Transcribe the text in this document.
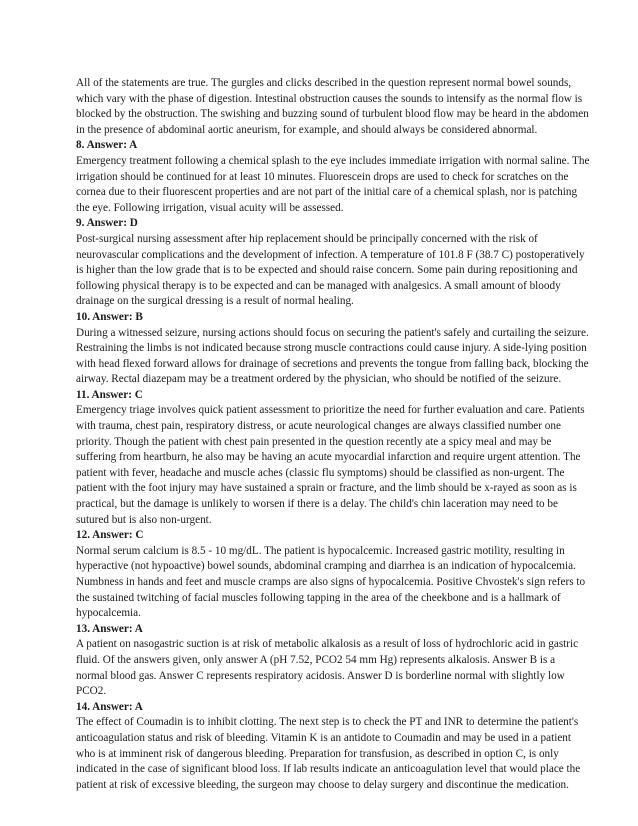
All of the statements are true. The gurgles and clicks described in the question represent normal bowel sounds,
which vary with the phase of digestion. Intestinal obstruction causes the sounds to intensify as the normal flow is
blocked by the obstruction. The swishing and buzzing sound of turbulent blood flow may be heard in the abdomen
in the presence of abdominal aortic aneurism, for example, and should always be considered abnormal.
8. Answer: A
Emergency treatment following a chemical splash to the eye includes immediate irrigation with normal saline. The
irrigation should be continued for at least 10 minutes. Fluorescein drops are used to check for scratches on the
cornea due to their fluorescent properties and are not part of the initial care of a chemical splash, nor is patching
the eye. Following irrigation, visual acuity will be assessed.
9. Answer: D
Post-surgical nursing assessment after hip replacement should be principally concerned with the risk of
neurovascular complications and the development of infection. A temperature of 101.8 F (38.7 C) postoperatively
is higher than the low grade that is to be expected and should raise concern. Some pain during repositioning and
following physical therapy is to be expected and can be managed with analgesics. A small amount of bloody
drainage on the surgical dressing is a result of normal healing.
10. Answer: B
During a witnessed seizure, nursing actions should focus on securing the patient's safely and curtailing the seizure.
Restraining the limbs is not indicated because strong muscle contractions could cause injury. A side-lying position
with head flexed forward allows for drainage of secretions and prevents the tongue from falling back, blocking the
airway. Rectal diazepam may be a treatment ordered by the physician, who should be notified of the seizure.
11. Answer: C
Emergency triage involves quick patient assessment to prioritize the need for further evaluation and care. Patients
with trauma, chest pain, respiratory distress, or acute neurological changes are always classified number one
priority. Though the patient with chest pain presented in the question recently ate a spicy meal and may be
suffering from heartburn, he also may be having an acute myocardial infarction and require urgent attention. The
patient with fever, headache and muscle aches (classic flu symptoms) should be classified as non-urgent. The
patient with the foot injury may have sustained a sprain or fracture, and the limb should be x-rayed as soon as is
practical, but the damage is unlikely to worsen if there is a delay. The child's chin laceration may need to be
sutured but is also non-urgent.
12. Answer: C
Normal serum calcium is 8.5 - 10 mg/dL. The patient is hypocalcemic. Increased gastric motility, resulting in
hyperactive (not hypoactive) bowel sounds, abdominal cramping and diarrhea is an indication of hypocalcemia.
Numbness in hands and feet and muscle cramps are also signs of hypocalcemia. Positive Chvostek's sign refers to
the sustained twitching of facial muscles following tapping in the area of the cheekbone and is a hallmark of
hypocalcemia.
13. Answer: A
A patient on nasogastric suction is at risk of metabolic alkalosis as a result of loss of hydrochloric acid in gastric
fluid. Of the answers given, only answer A (pH 7.52, PCO2 54 mm Hg) represents alkalosis. Answer B is a
normal blood gas. Answer C represents respiratory acidosis. Answer D is borderline normal with slightly low
PCO2.
14. Answer: A
The effect of Coumadin is to inhibit clotting. The next step is to check the PT and INR to determine the patient's
anticoagulation status and risk of bleeding. Vitamin K is an antidote to Coumadin and may be used in a patient
who is at imminent risk of dangerous bleeding. Preparation for transfusion, as described in option C, is only
indicated in the case of significant blood loss. If lab results indicate an anticoagulation level that would place the
patient at risk of excessive bleeding, the surgeon may choose to delay surgery and discontinue the medication.
